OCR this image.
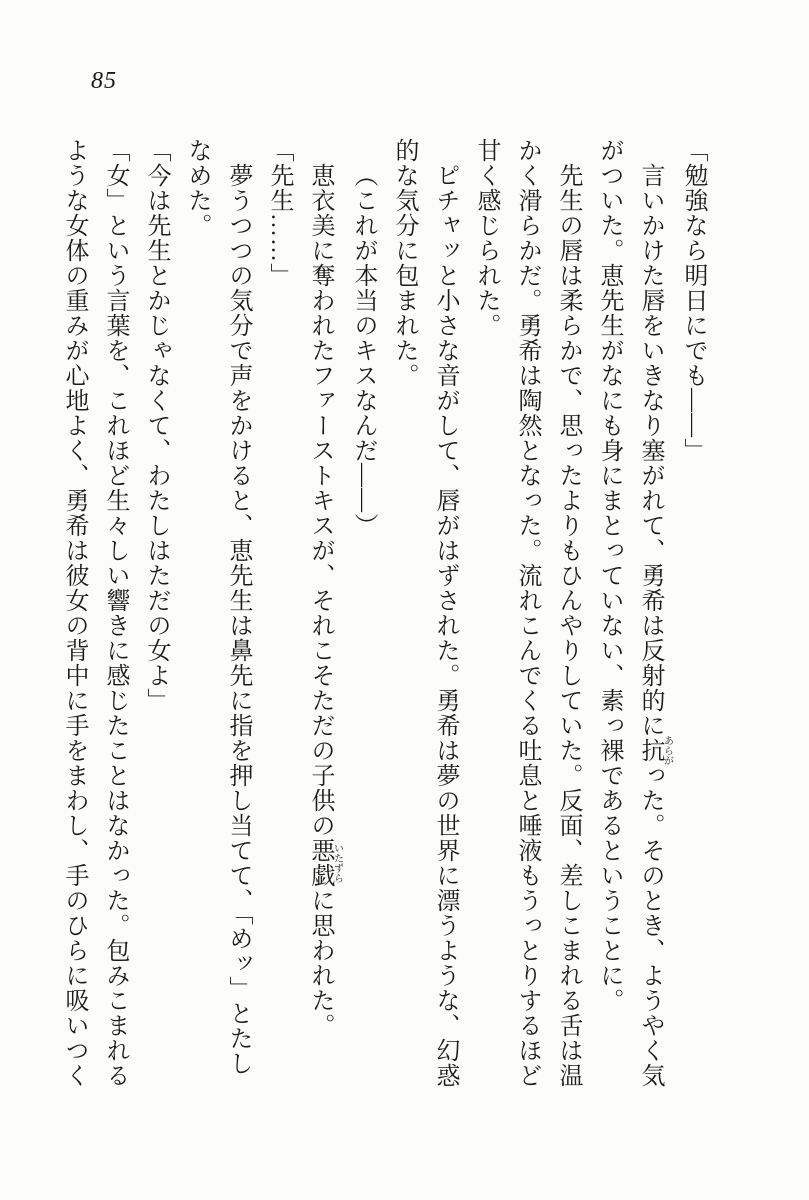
85

「勉強なら明日にでも――」

言いかけた唇をいきなり塞がれて、勇希は反射的に抗あらがった。そのとき、ようやく気がついた。恵先生がなにも身にまとっていない、素っ裸であるということに。

先生の唇は柔らかで、思ったよりもひんやりしていた。反面、差しこまれる舌は温かく滑らかだ。勇希は陶然となった。流れこんでくる吐息と唾液もうっとりするほど甘く感じられた。

ピチャッと小さな音がして、唇がはずされた。勇希は夢の世界に漂うような、幻惑的な気分に包まれた。

（これが本当のキスなんだ――）

恵衣美に奪われたファーストキスが、それこそただの子供の悪戯いたずらに思われた。

「先生……」

夢うつつの気分で声をかけると、恵先生は鼻先に指を押し当てて、「めッ」とたしなめた。

「今は先生とかじゃなくて、わたしはただの女よ」

「女」という言葉を、これほど生々しい響きに感じたことはなかった。包みこまれるような女体の重みが心地よく、勇希は彼女の背中に手をまわし、手のひらに吸いつく
